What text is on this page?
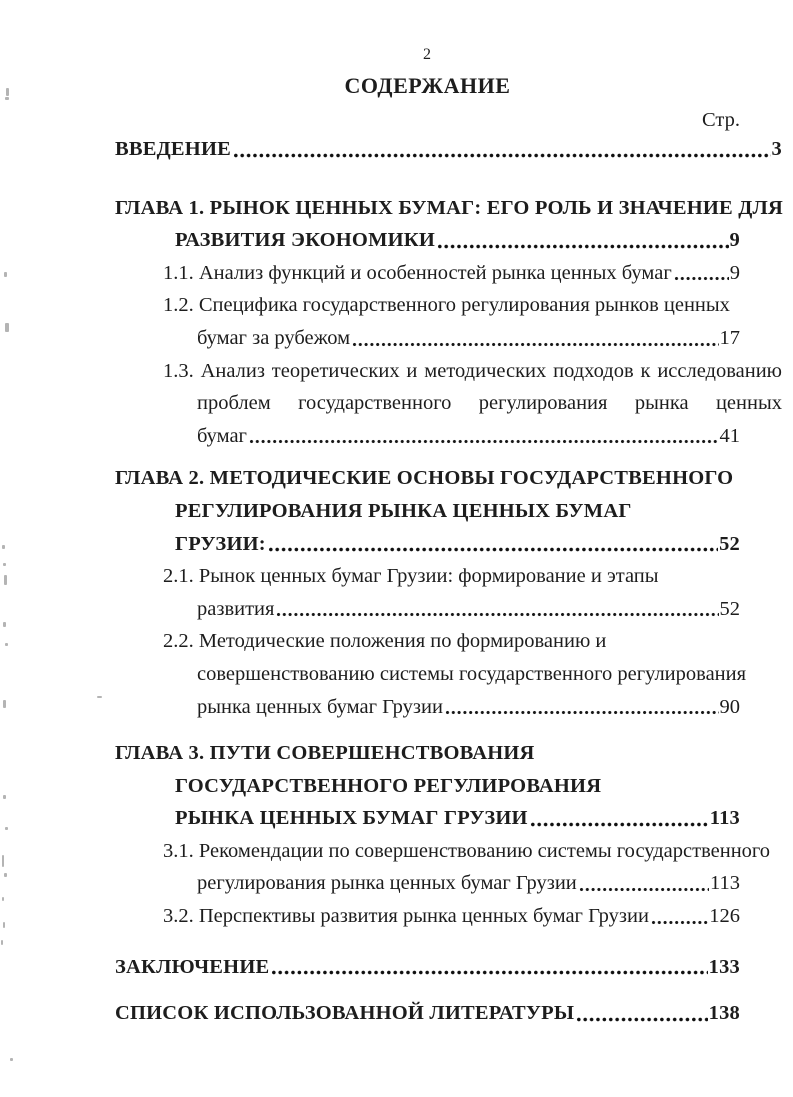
2
СОДЕРЖАНИЕ
Стр.
ВВЕДЕНИЕ	3
ГЛАВА 1. РЫНОК ЦЕННЫХ БУМАГ: ЕГО РОЛЬ И ЗНАЧЕНИЕ ДЛЯ
РАЗВИТИЯ ЭКОНОМИКИ	9
1.1. Анализ функций и особенностей рынка ценных бумаг	9
1.2. Специфика государственного регулирования рынков ценных
бумаг за рубежом	17
1.3. Анализ теоретических и методических подходов к исследованию
проблем государственного регулирования рынка ценных
бумаг	41
ГЛАВА 2. МЕТОДИЧЕСКИЕ ОСНОВЫ ГОСУДАРСТВЕННОГО
РЕГУЛИРОВАНИЯ РЫНКА ЦЕННЫХ БУМАГ
ГРУЗИИ:	52
2.1. Рынок ценных бумаг Грузии: формирование и этапы
развития	52
2.2. Методические положения по формированию и
совершенствованию системы государственного регулирования
рынка ценных бумаг Грузии	90
ГЛАВА 3. ПУТИ СОВЕРШЕНСТВОВАНИЯ
ГОСУДАРСТВЕННОГО РЕГУЛИРОВАНИЯ
РЫНКА ЦЕННЫХ БУМАГ ГРУЗИИ	113
3.1. Рекомендации по совершенствованию системы государственного
регулирования рынка ценных бумаг Грузии	113
3.2. Перспективы развития рынка ценных бумаг Грузии	126
ЗАКЛЮЧЕНИЕ	133
СПИСОК ИСПОЛЬЗОВАННОЙ ЛИТЕРАТУРЫ	138
